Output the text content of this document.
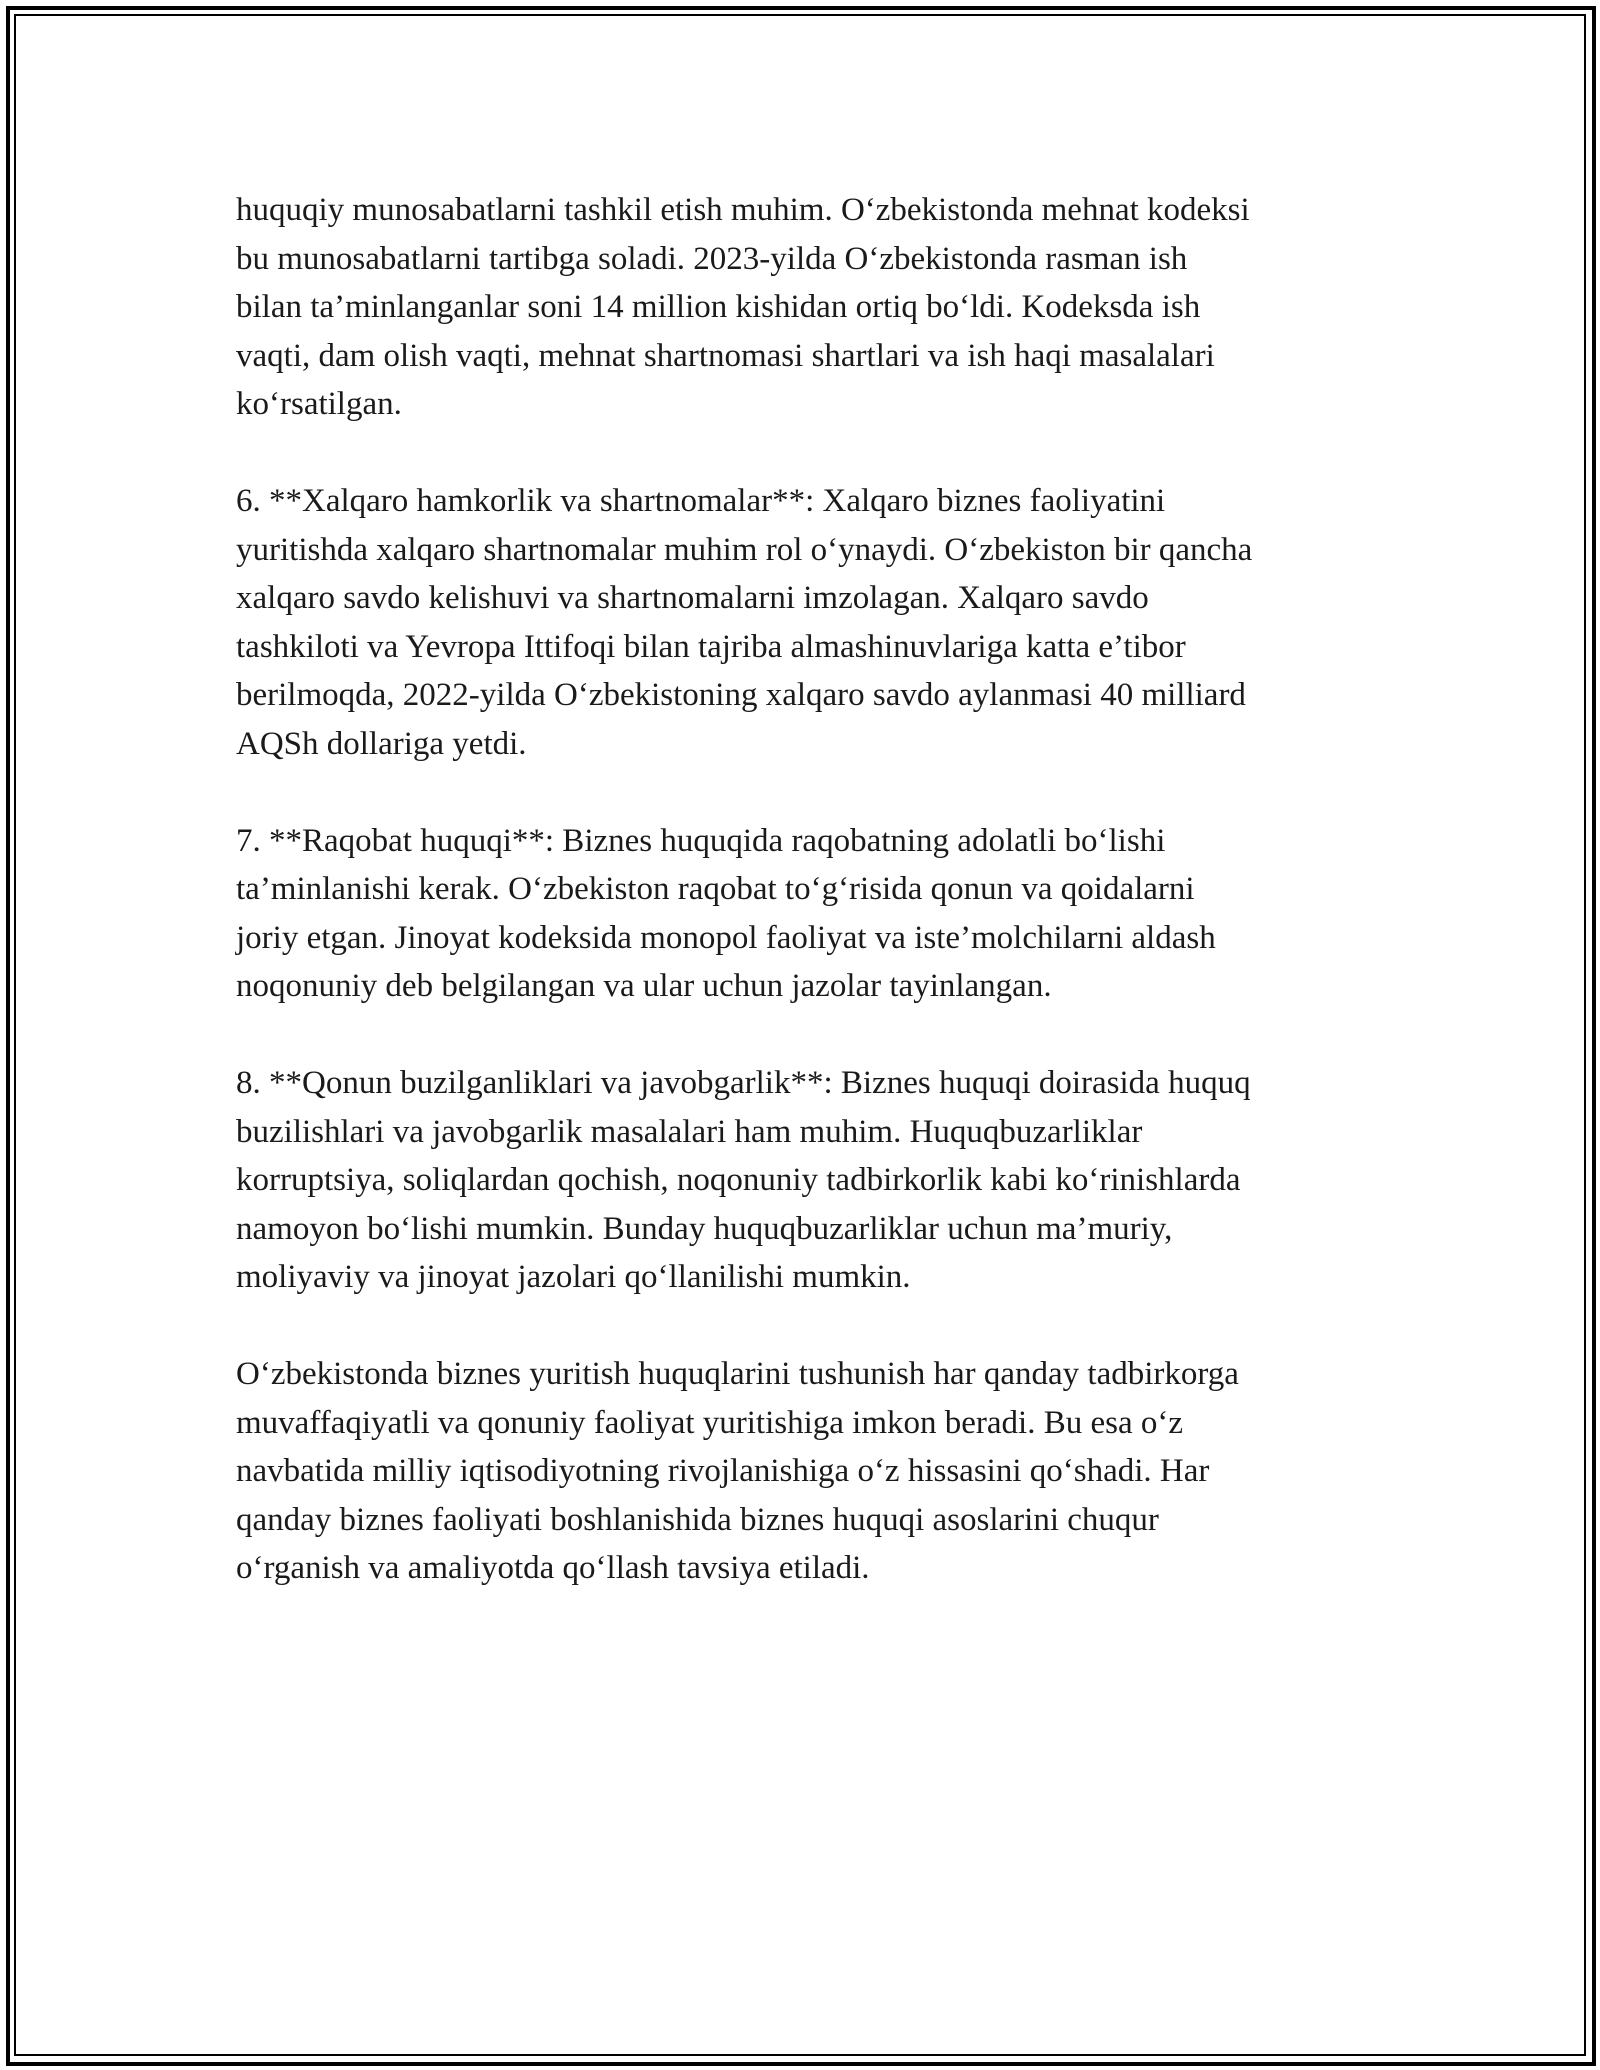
huquqiy munosabatlarni tashkil etish muhim. O‘zbekistonda mehnat kodeksi
bu munosabatlarni tartibga soladi. 2023-yilda O‘zbekistonda rasman ish
bilan ta’minlanganlar soni 14 million kishidan ortiq bo‘ldi. Kodeksda ish
vaqti, dam olish vaqti, mehnat shartnomasi shartlari va ish haqi masalalari
ko‘rsatilgan.

6. **Xalqaro hamkorlik va shartnomalar**: Xalqaro biznes faoliyatini
yuritishda xalqaro shartnomalar muhim rol o‘ynaydi. O‘zbekiston bir qancha
xalqaro savdo kelishuvi va shartnomalarni imzolagan. Xalqaro savdo
tashkiloti va Yevropa Ittifoqi bilan tajriba almashinuvlariga katta e’tibor
berilmoqda, 2022-yilda O‘zbekistoning xalqaro savdo aylanmasi 40 milliard
AQSh dollariga yetdi.

7. **Raqobat huquqi**: Biznes huquqida raqobatning adolatli bo‘lishi
ta’minlanishi kerak. O‘zbekiston raqobat to‘g‘risida qonun va qoidalarni
joriy etgan. Jinoyat kodeksida monopol faoliyat va iste’molchilarni aldash
noqonuniy deb belgilangan va ular uchun jazolar tayinlangan.

8. **Qonun buzilganliklari va javobgarlik**: Biznes huquqi doirasida huquq
buzilishlari va javobgarlik masalalari ham muhim. Huquqbuzarliklar
korruptsiya, soliqlardan qochish, noqonuniy tadbirkorlik kabi ko‘rinishlarda
namoyon bo‘lishi mumkin. Bunday huquqbuzarliklar uchun ma’muriy,
moliyaviy va jinoyat jazolari qo‘llanilishi mumkin.

O‘zbekistonda biznes yuritish huquqlarini tushunish har qanday tadbirkorga
muvaffaqiyatli va qonuniy faoliyat yuritishiga imkon beradi. Bu esa o‘z
navbatida milliy iqtisodiyotning rivojlanishiga o‘z hissasini qo‘shadi. Har
qanday biznes faoliyati boshlanishida biznes huquqi asoslarini chuqur
o‘rganish va amaliyotda qo‘llash tavsiya etiladi.
